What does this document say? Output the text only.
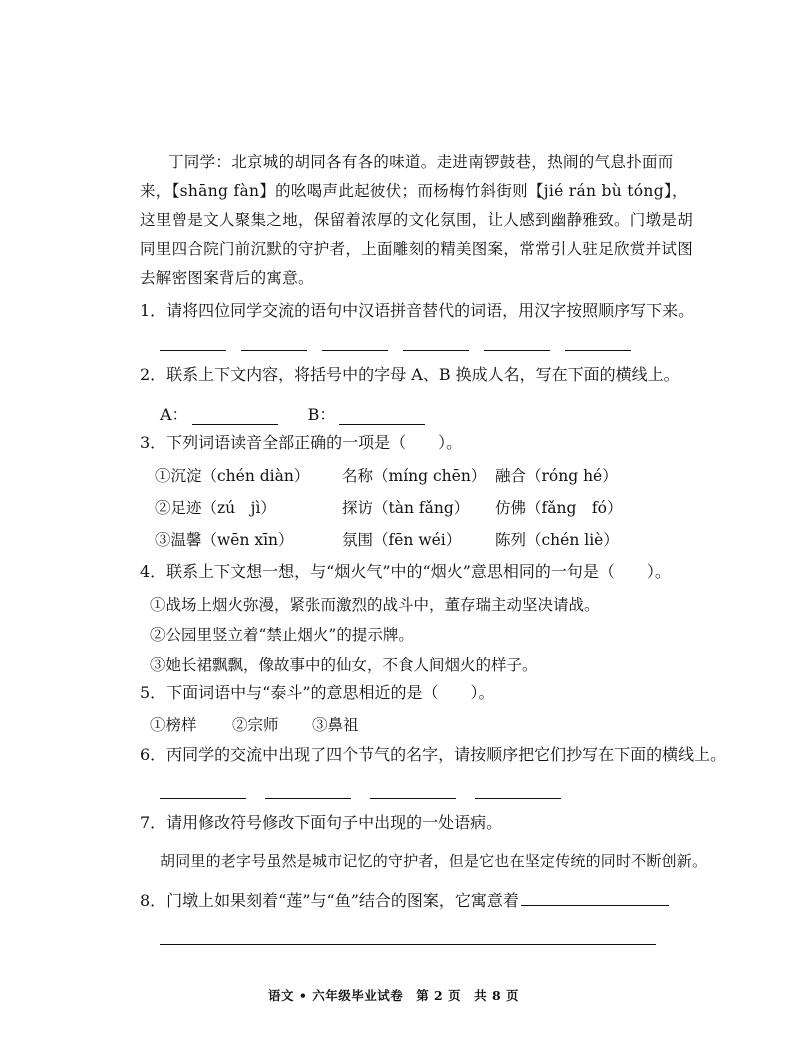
丁同学：北京城的胡同各有各的味道。走进南锣鼓巷，热闹的气息扑面而来，【shāng fàn】的吆喝声此起彼伏；而杨梅竹斜街则【jié rán bù tóng】，这里曾是文人聚集之地，保留着浓厚的文化氛围，让人感到幽静雅致。门墩是胡同里四合院门前沉默的守护者，上面雕刻的精美图案，常常引人驻足欣赏并试图去解密图案背后的寓意。

1．请将四位同学交流的语句中汉语拼音替代的词语，用汉字按照顺序写下来。
2．联系上下文内容，将括号中的字母 A、B 换成人名，写在下面的横线上。
A：	B：
3．下列词语读音全部正确的一项是（　　）。
①沉淀（chén diàn） 名称（míng chēn） 融合（róng hé）
②足迹（zú　jì）	探访（tàn fǎng） 仿佛（fǎng　fó）
③温馨（wēn xīn）	氛围（fēn wéi） 陈列（chén liè）
4．联系上下文想一想，与“烟火气”中的“烟火”意思相同的一句是（　　）。
①战场上烟火弥漫，紧张而激烈的战斗中，董存瑞主动坚决请战。
②公园里竖立着“禁止烟火”的提示牌。
③她长裙飘飘，像故事中的仙女，不食人间烟火的样子。
5．下面词语中与“泰斗”的意思相近的是（　　）。
①榜样 ②宗师 ③鼻祖
6．丙同学的交流中出现了四个节气的名字，请按顺序把它们抄写在下面的横线上。
7．请用修改符号修改下面句子中出现的一处语病。
胡同里的老字号虽然是城市记忆的守护者，但是它也在坚定传统的同时不断创新。
8．门墩上如果刻着“莲”与“鱼”结合的图案，它寓意着
语文 • 六年级毕业试卷　第 2 页　共 8 页
